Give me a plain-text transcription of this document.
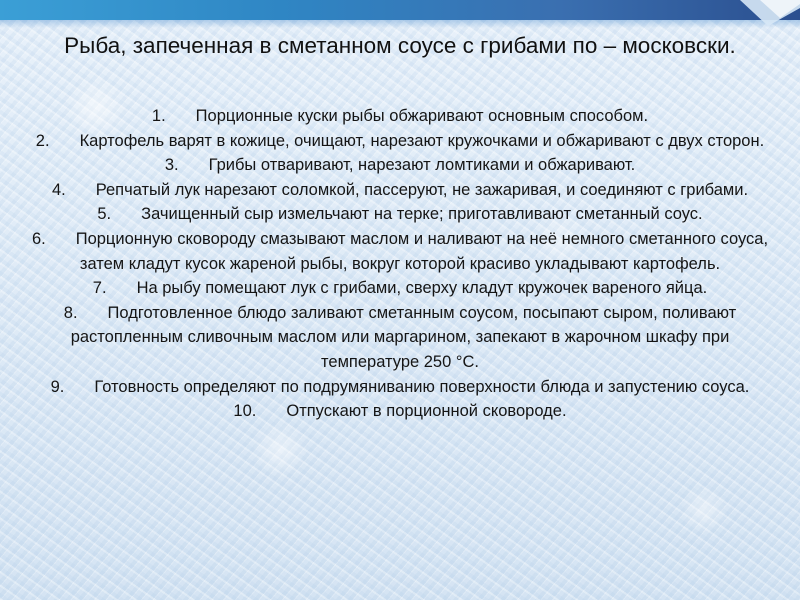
Рыба, запеченная в сметанном соусе с грибами по – московски.
1. Порционные куски рыбы обжаривают основным способом.
2. Картофель варят в кожице, очищают, нарезают кружочками и обжаривают с двух сторон.
3. Грибы отваривают, нарезают ломтиками и обжаривают.
4. Репчатый лук нарезают соломкой, пассеруют, не зажаривая, и соединяют с грибами.
5. Зачищенный сыр измельчают на терке; приготавливают сметанный соус.
6. Порционную сковороду смазывают маслом и наливают на неё немного сметанного соуса, затем кладут кусок жареной рыбы, вокруг которой красиво укладывают картофель.
7. На рыбу помещают лук с грибами, сверху кладут кружочек вареного яйца.
8. Подготовленное блюдо заливают сметанным соусом, посыпают сыром, поливают растопленным сливочным маслом или маргарином, запекают в жарочном шкафу при температуре 250 °С.
9. Готовность определяют по подрумяниванию поверхности блюда и запустению соуса.
10. Отпускают в порционной сковороде.
